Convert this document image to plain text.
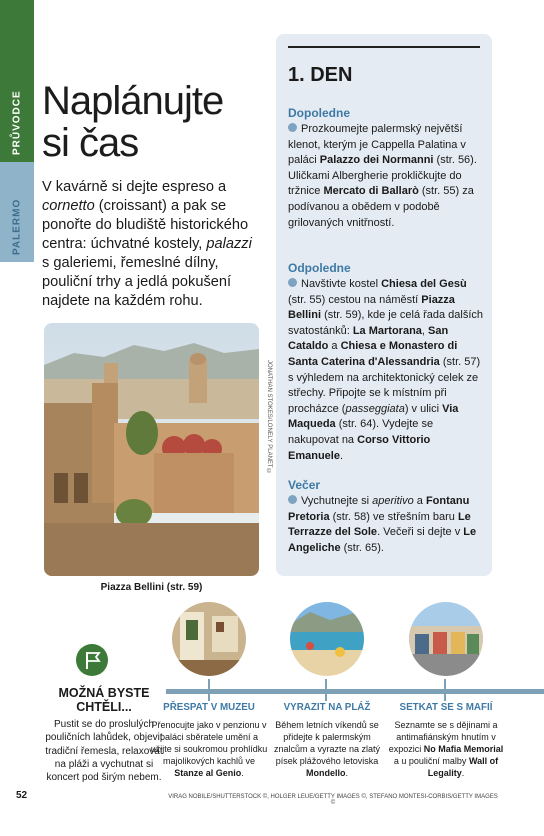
PRŮVODCE
PALERMO
Naplánujte
si čas
V kavárně si dejte espreso a cornetto (croissant) a pak se ponořte do bludiště historického centra: úchvatné kostely, palazzi s galeriemi, řemeslné dílny, pouliční trhy a jedlá pokušení najdete na každém rohu.
JONATHAN STOKES/LONELY PLANET ©
Piazza Bellini (str. 59)
1. DEN
Dopoledne
Prozkoumejte palermský největší klenot, kterým je Cappella Palatina v paláci Palazzo dei Normanni (str. 56). Uličkami Albergherie prokličkujte do tržnice Mercato di Ballarò (str. 55) za podívanou a obědem v podobě grilovaných vnitřností.
Odpoledne
Navštivte kostel Chiesa del Gesù (str. 55) cestou na náměstí Piazza Bellini (str. 59), kde je celá řada dalších svatostánků: La Martorana, San Cataldo a Chiesa e Monastero di Santa Caterina d'Alessandria (str. 57) s výhledem na architektonický celek ze střechy. Připojte se k místním při procházce (passeggiata) v ulici Via Maqueda (str. 64). Vydejte se nakupovat na Corso Vittorio Emanuele.
Večer
Vychutnejte si aperitivo a Fontanu Pretoria (str. 58) ve střešním baru Le Terrazze del Sole. Večeři si dejte v Le Angeliche (str. 65).
MOŽNÁ BYSTE CHTĚLI...
Pustit se do proslulých pouličních lahůdek, objevit tradiční řemesla, relaxovat na pláži a vychutnat si koncert pod širým nebem.
PŘESPAT V MUZEU
Přenocujte jako v penzionu v paláci sběratele umění a užijte si soukromou prohlídku majolikových kachlů ve Stanze al Genio.
VYRAZIT NA PLÁŽ
Během letních víkendů se přidejte k palermským znalcům a vyrazte na zlatý písek plážového letoviska Mondello.
SETKAT SE S MAFIÍ
Seznamte se s dějinami a antimafiánským hnutím v expozici No Mafia Memorial a u pouliční malby Wall of Legality.
52	VIRAG NOBILE/SHUTTERSTOCK ©, HOLGER LEUE/GETTY IMAGES ©, STEFANO MONTESI-CORBIS/GETTY IMAGES ©
